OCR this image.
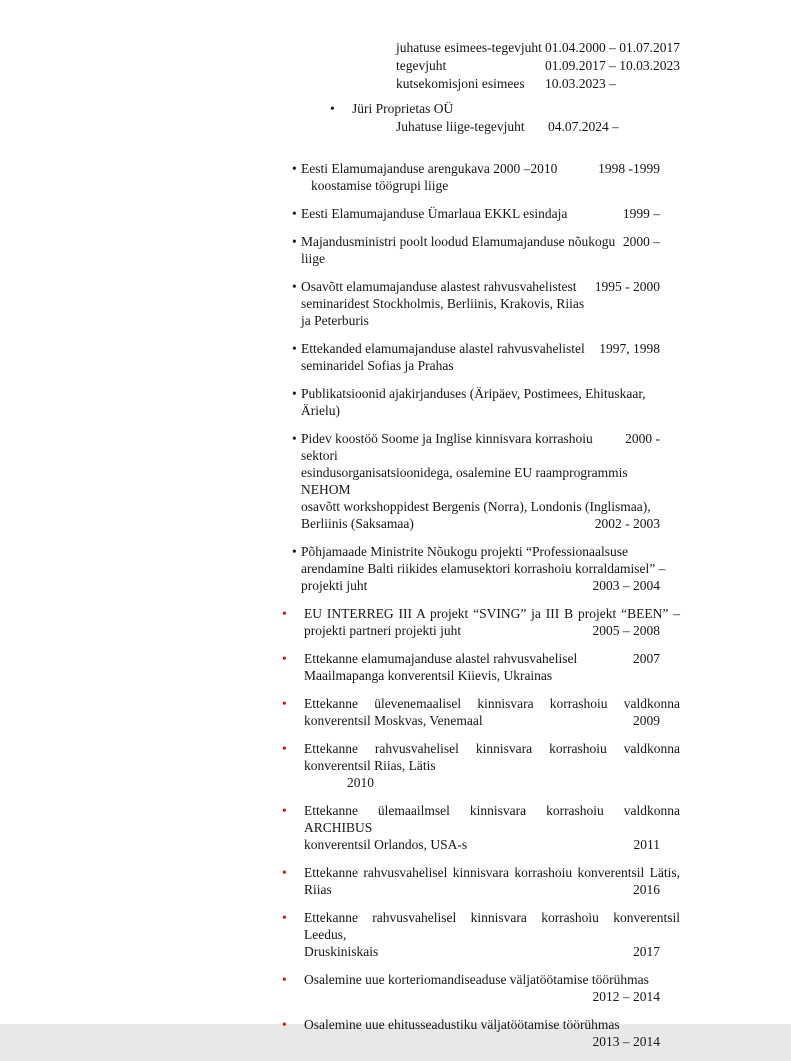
juhatuse esimees-tegevjuht 01.04.2000 – 01.07.2017
tegevjuht	01.09.2017 – 10.03.2023
kutsekomisjoni esimees	10.03.2023 –
•	Jüri Proprietas OÜ
Juhatuse liige-tegevjuht	04.07.2024 –
• Eesti Elamumajanduse arengukava 2000 –2010	1998 -1999
koostamise töögrupi liige
• Eesti Elamumajanduse Ümarlaua EKKL esindaja	1999 –
• Majandusministri poolt loodud Elamumajanduse nõukogu 2000 –
liige
• Osavõtt elamumajanduse alastest rahvusvahelistest 1995 - 2000
seminaridest Stockholmis, Berliinis, Krakovis, Riias
ja Peterburis
• Ettekanded elamumajanduse alastel rahvusvahelistel 1997, 1998
seminaridel Sofias ja Prahas
• Publikatsioonid ajakirjanduses (Äripäev, Postimees, Ehituskaar,
Ärielu)
• Pidev koostöö Soome ja Inglise kinnisvara korrashoiu sektori
2000 -
esindusorganisatsioonidega, osalemine EU raamprogrammis NEHOM
osavõtt workshoppidest Bergenis (Norra), Londonis (Inglismaa),
Berliinis (Saksamaa)	2002 - 2003
• Põhjamaade Ministrite Nõukogu projekti “Professionaalsuse
arendamine Balti riikides elamusektori korrashoiu korraldamisel” –
projekti juht	2003 – 2004
•	EU INTERREG III A projekt “SVING” ja III B projekt “BEEN” –
projekti partneri projekti juht	2005 – 2008
•	Ettekanne elamumajanduse alastel rahvusvahelisel	2007
Maailmapanga konverentsil Kiievis, Ukrainas
•	Ettekanne ülevenemaalisel kinnisvara korrashoiu valdkonna
konverentsil Moskvas, Venemaal	2009
•	Ettekanne rahvusvahelisel kinnisvara korrashoiu valdkonna
konverentsil Riias, Lätis
2010
•	Ettekanne ülemaailmsel kinnisvara korrashoiu valdkonna ARCHIBUS
konverentsil Orlandos, USA-s	2011
•	Ettekanne rahvusvahelisel kinnisvara korrashoiu konverentsil Lätis,
Riias	2016
•	Ettekanne rahvusvahelisel kinnisvara korrashoiu konverentsil Leedus,
Druskiniskais	2017
•	Osalemine uue korteriomandiseaduse väljatöötamise töörühmas
2012 – 2014
•	Osalemine uue ehitusseadustiku väljatöötamise töörühmas
2013 – 2014
